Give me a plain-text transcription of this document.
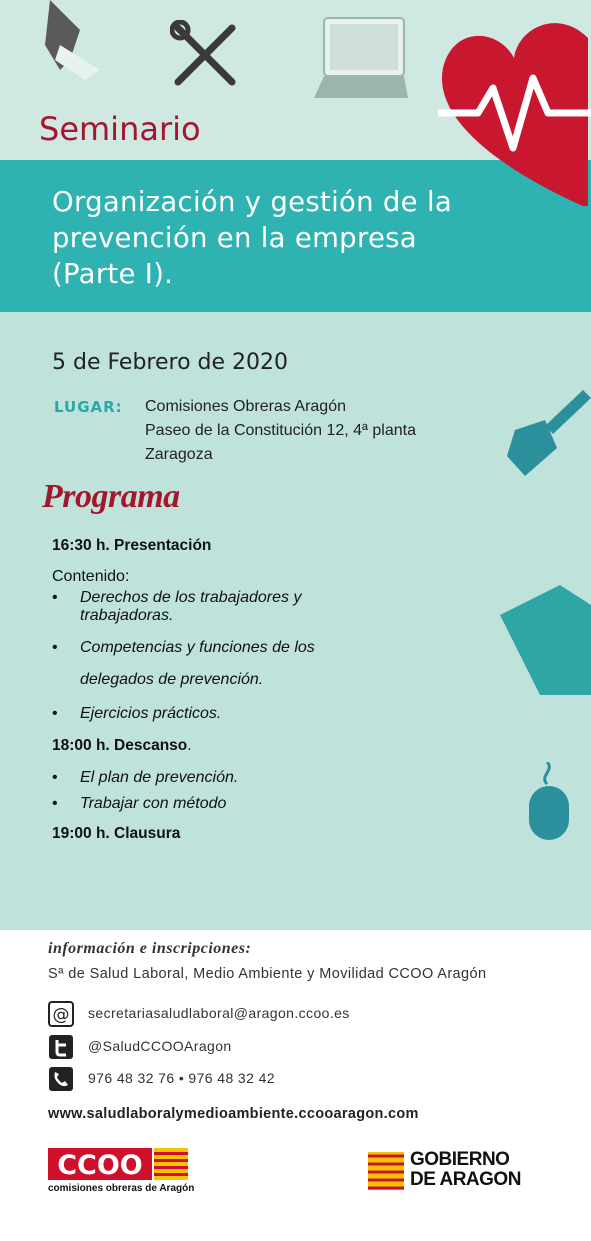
Seminario
Organización y gestión de la
prevención en la empresa
(Parte I).
5 de Febrero de 2020
LUGAR: Comisiones Obreras Aragón
Paseo de la Constitución 12, 4ª planta
Zaragoza
Programa
16:30 h. Presentación
Contenido:
• Derechos de los trabajadores y
trabajadoras.
• Competencias y funciones de los
delegados de prevención.
• Ejercicios prácticos.
18:00 h. Descanso.
• El plan de prevención.
• Trabajar con método
19:00 h. Clausura
información e inscripciones:
Sª de Salud Laboral, Medio Ambiente y Movilidad CCOO Aragón
@ secretariasaludlaboral@aragon.ccoo.es
@SaludCCOOAragon
976 48 32 76 • 976 48 32 42
www.saludlaboralymedioambiente.ccooaragon.com
CCOO
comisiones obreras de Aragón
GOBIERNO
DE ARAGON
